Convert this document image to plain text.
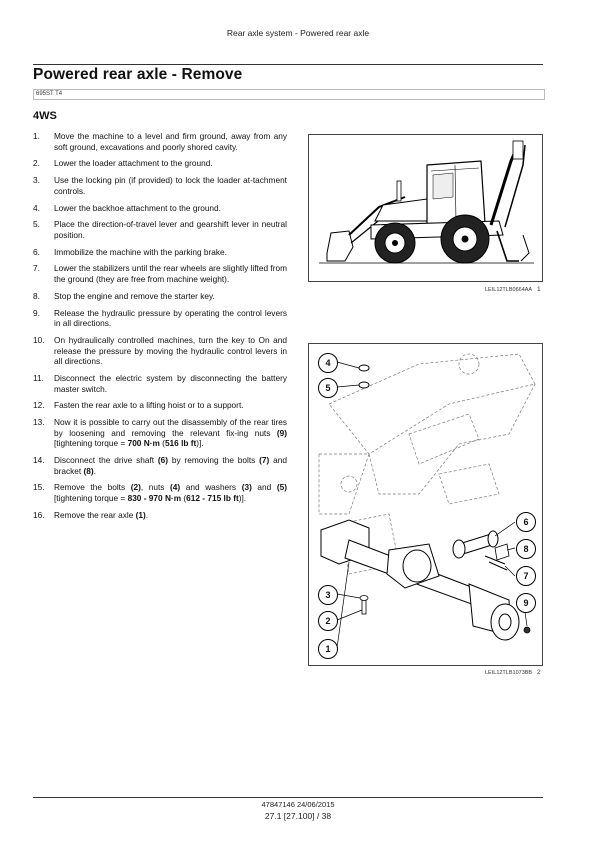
Rear axle system - Powered rear axle
Powered rear axle - Remove
695ST T4
4WS
1. Move the machine to a level and firm ground, away from any soft ground, excavations and poorly shored cavity.
2. Lower the loader attachment to the ground.
3. Use the locking pin (if provided) to lock the loader at-tachment controls.
4. Lower the backhoe attachment to the ground.
5. Place the direction-of-travel lever and gearshift lever in neutral position.
6. Immobilize the machine with the parking brake.
7. Lower the stabilizers until the rear wheels are slightly lifted from the ground (they are free from machine weight).
8. Stop the engine and remove the starter key.
9. Release the hydraulic pressure by operating the control levers in all directions.
10. On hydraulically controlled machines, turn the key to On and release the pressure by moving the hydraulic control levers in all directions.
11. Disconnect the electric system by disconnecting the battery master switch.
12. Fasten the rear axle to a lifting hoist or to a support.
13. Now it is possible to carry out the disassembly of the rear tires by loosening and removing the relevant fix-ing nuts (9) [tightening torque = 700 N·m (516 lb ft)].
14. Disconnect the drive shaft (6) by removing the bolts (7) and bracket (8).
15. Remove the bolts (2), nuts (4) and washers (3) and (5) [tightening torque = 830 - 970 N·m (612 - 715 lb ft)].
16. Remove the rear axle (1).
LEIL12TLB0664AA 1
4
5
6
8
7
3
2
9
1
LEIL12TLB1073BB 2
47847146 24/06/2015
27.1 [27.100] / 38
